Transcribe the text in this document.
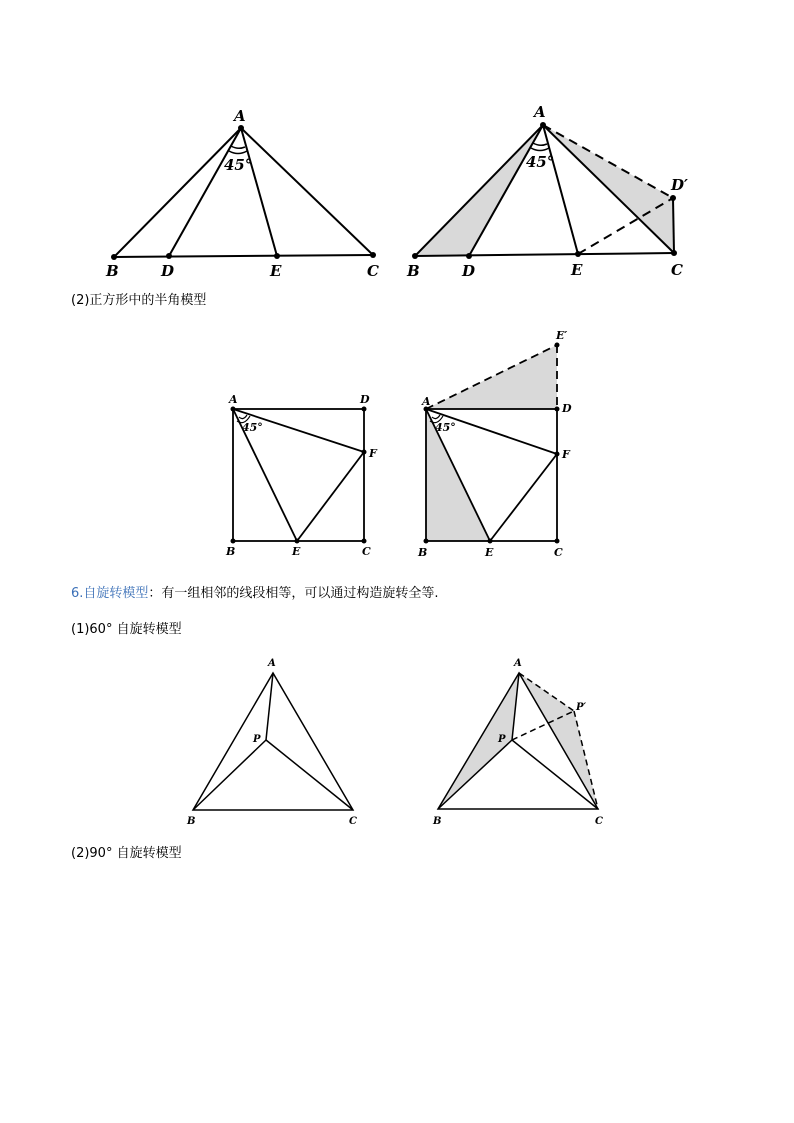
(2)正方形中的半角模型
6.自旋转模型：有一组相邻的线段相等，可以通过构造旋转全等.
(1)60° 自旋转模型
(2)90° 自旋转模型
A
B	D	E	C
45°
A
B	D	E	C
D′
45°
A	D
B	E	C
F
45°
A
D
B	E	C
F
E′
45°
A
B	C
P
A
B	C
P
P′
